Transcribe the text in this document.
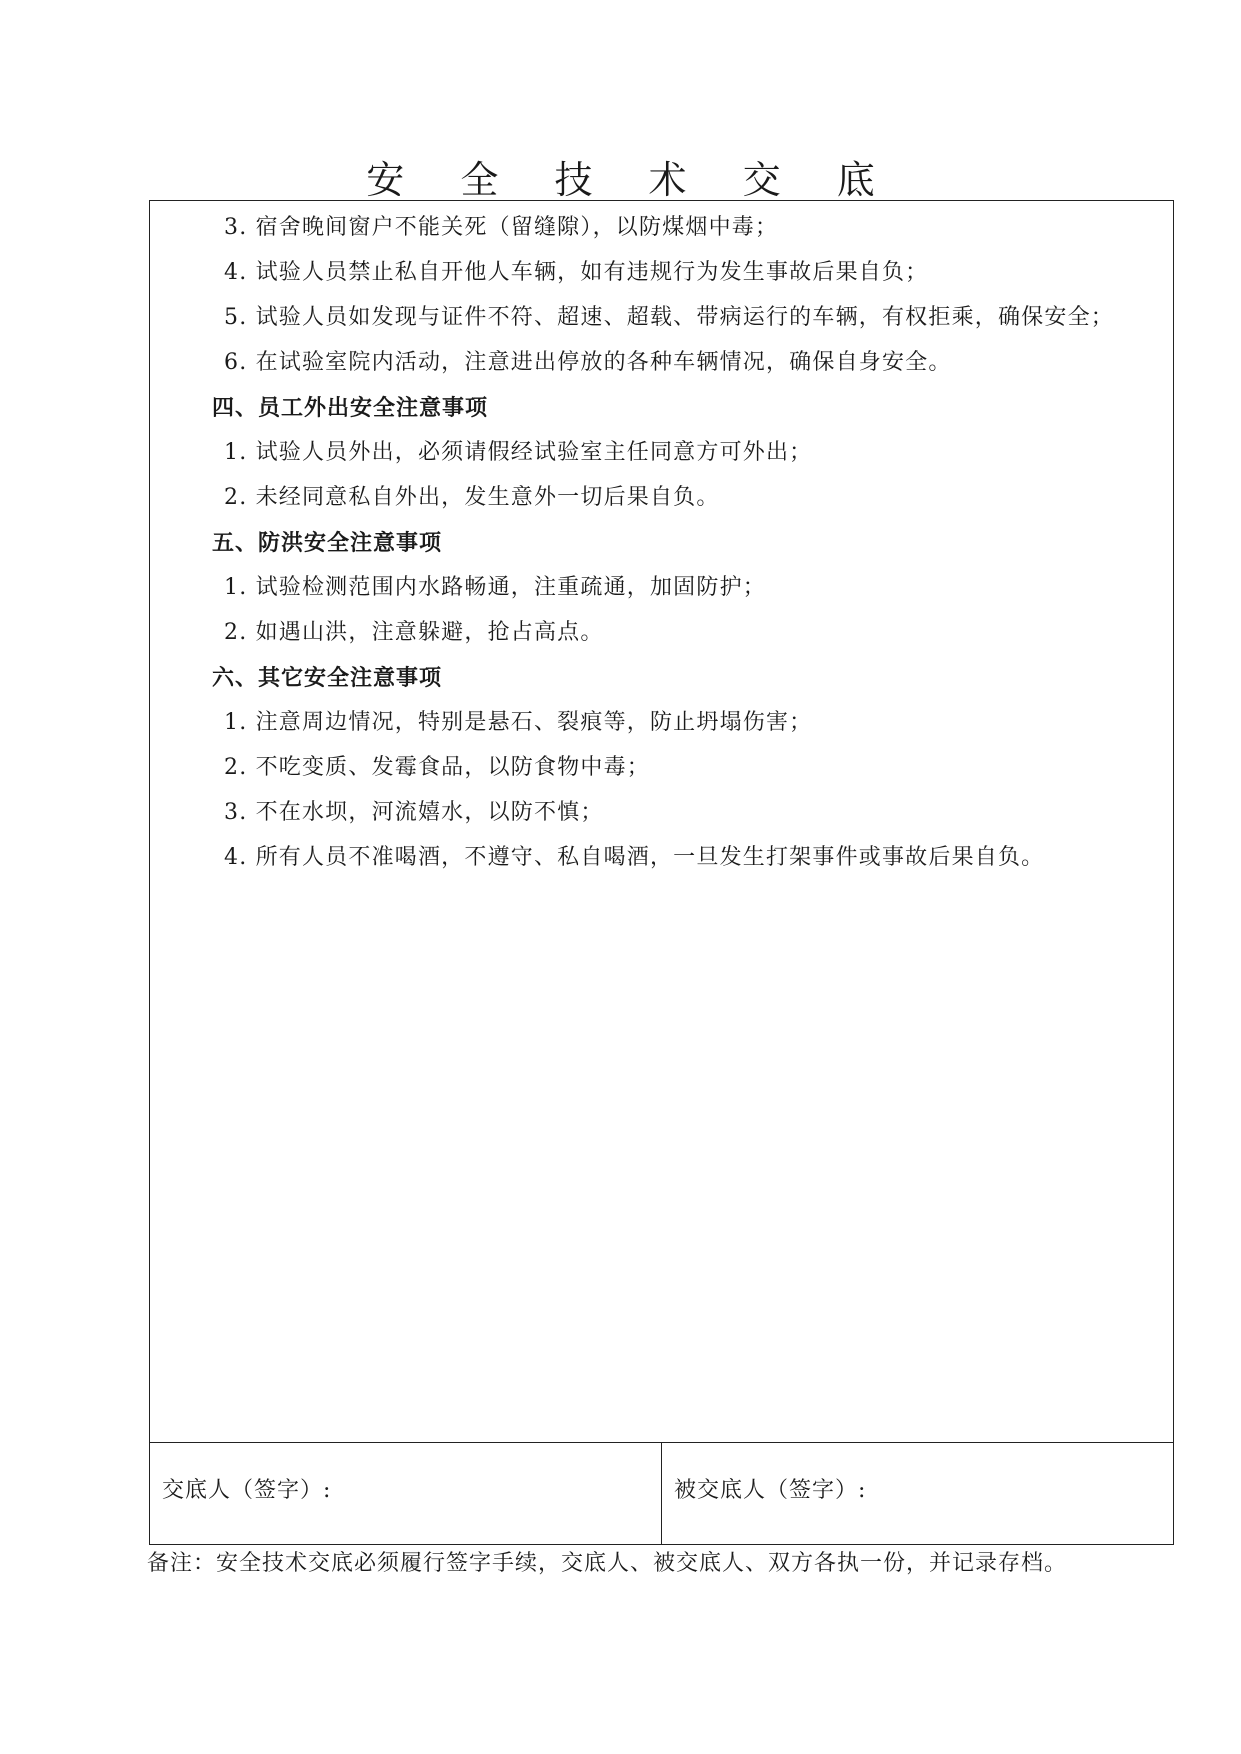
安 全 技 术 交 底
3. 宿舍晚间窗户不能关死（留缝隙），以防煤烟中毒；
4. 试验人员禁止私自开他人车辆，如有违规行为发生事故后果自负；
5. 试验人员如发现与证件不符、超速、超载、带病运行的车辆，有权拒乘，确保安全；
6. 在试验室院内活动，注意进出停放的各种车辆情况，确保自身安全。
四、员工外出安全注意事项
1. 试验人员外出，必须请假经试验室主任同意方可外出；
2. 未经同意私自外出，发生意外一切后果自负。
五、防洪安全注意事项
1. 试验检测范围内水路畅通，注重疏通，加固防护；
2. 如遇山洪，注意躲避，抢占高点。
六、其它安全注意事项
1. 注意周边情况，特别是悬石、裂痕等，防止坍塌伤害；
2. 不吃变质、发霉食品，以防食物中毒；
3. 不在水坝，河流嬉水，以防不慎；
4. 所有人员不准喝酒，不遵守、私自喝酒，一旦发生打架事件或事故后果自负。
交底人（签字）:	被交底人（签字）:
备注：安全技术交底必须履行签字手续，交底人、被交底人、双方各执一份，并记录存档。
